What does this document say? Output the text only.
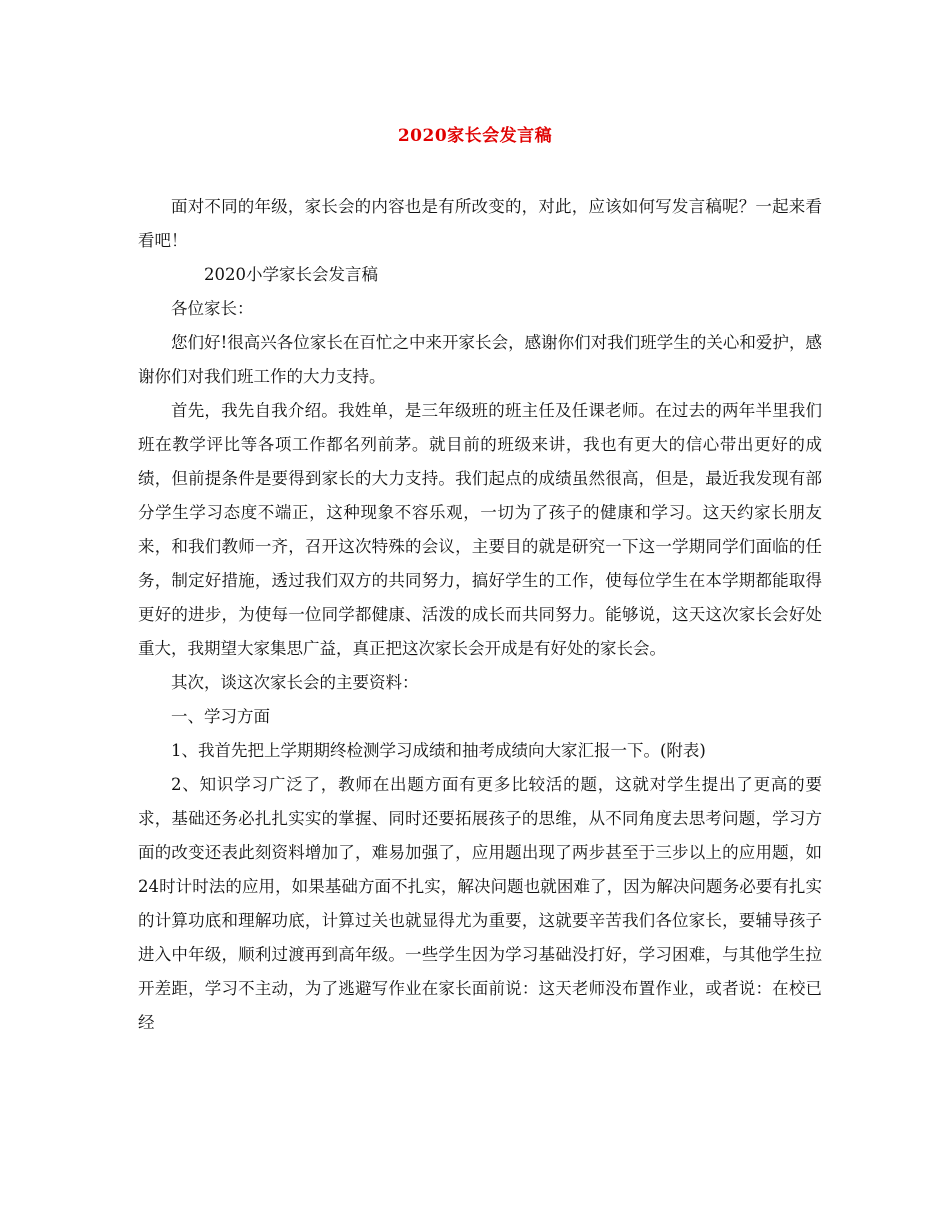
2020家长会发言稿

面对不同的年级，家长会的内容也是有所改变的，对此，应该如何写发言稿呢？一起来看看吧！

2020小学家长会发言稿

各位家长：

您们好!很高兴各位家长在百忙之中来开家长会，感谢你们对我们班学生的关心和爱护，感谢你们对我们班工作的大力支持。

首先，我先自我介绍。我姓单，是三年级班的班主任及任课老师。在过去的两年半里我们班在教学评比等各项工作都名列前茅。就目前的班级来讲，我也有更大的信心带出更好的成绩，但前提条件是要得到家长的大力支持。我们起点的成绩虽然很高，但是，最近我发现有部分学生学习态度不端正，这种现象不容乐观，一切为了孩子的健康和学习。这天约家长朋友来，和我们教师一齐，召开这次特殊的会议，主要目的就是研究一下这一学期同学们面临的任务，制定好措施，透过我们双方的共同努力，搞好学生的工作，使每位学生在本学期都能取得更好的进步，为使每一位同学都健康、活泼的成长而共同努力。能够说，这天这次家长会好处重大，我期望大家集思广益，真正把这次家长会开成是有好处的家长会。

其次，谈这次家长会的主要资料：

一、学习方面

1、我首先把上学期期终检测学习成绩和抽考成绩向大家汇报一下。(附表)

2、知识学习广泛了，教师在出题方面有更多比较活的题，这就对学生提出了更高的要求，基础还务必扎扎实实的掌握、同时还要拓展孩子的思维，从不同角度去思考问题，学习方面的改变还表此刻资料增加了，难易加强了，应用题出现了两步甚至于三步以上的应用题，如24时计时法的应用，如果基础方面不扎实，解决问题也就困难了，因为解决问题务必要有扎实的计算功底和理解功底，计算过关也就显得尤为重要，这就要辛苦我们各位家长，要辅导孩子进入中年级，顺利过渡再到高年级。一些学生因为学习基础没打好，学习困难，与其他学生拉开差距，学习不主动，为了逃避写作业在家长面前说：这天老师没布置作业，或者说：在校已经
